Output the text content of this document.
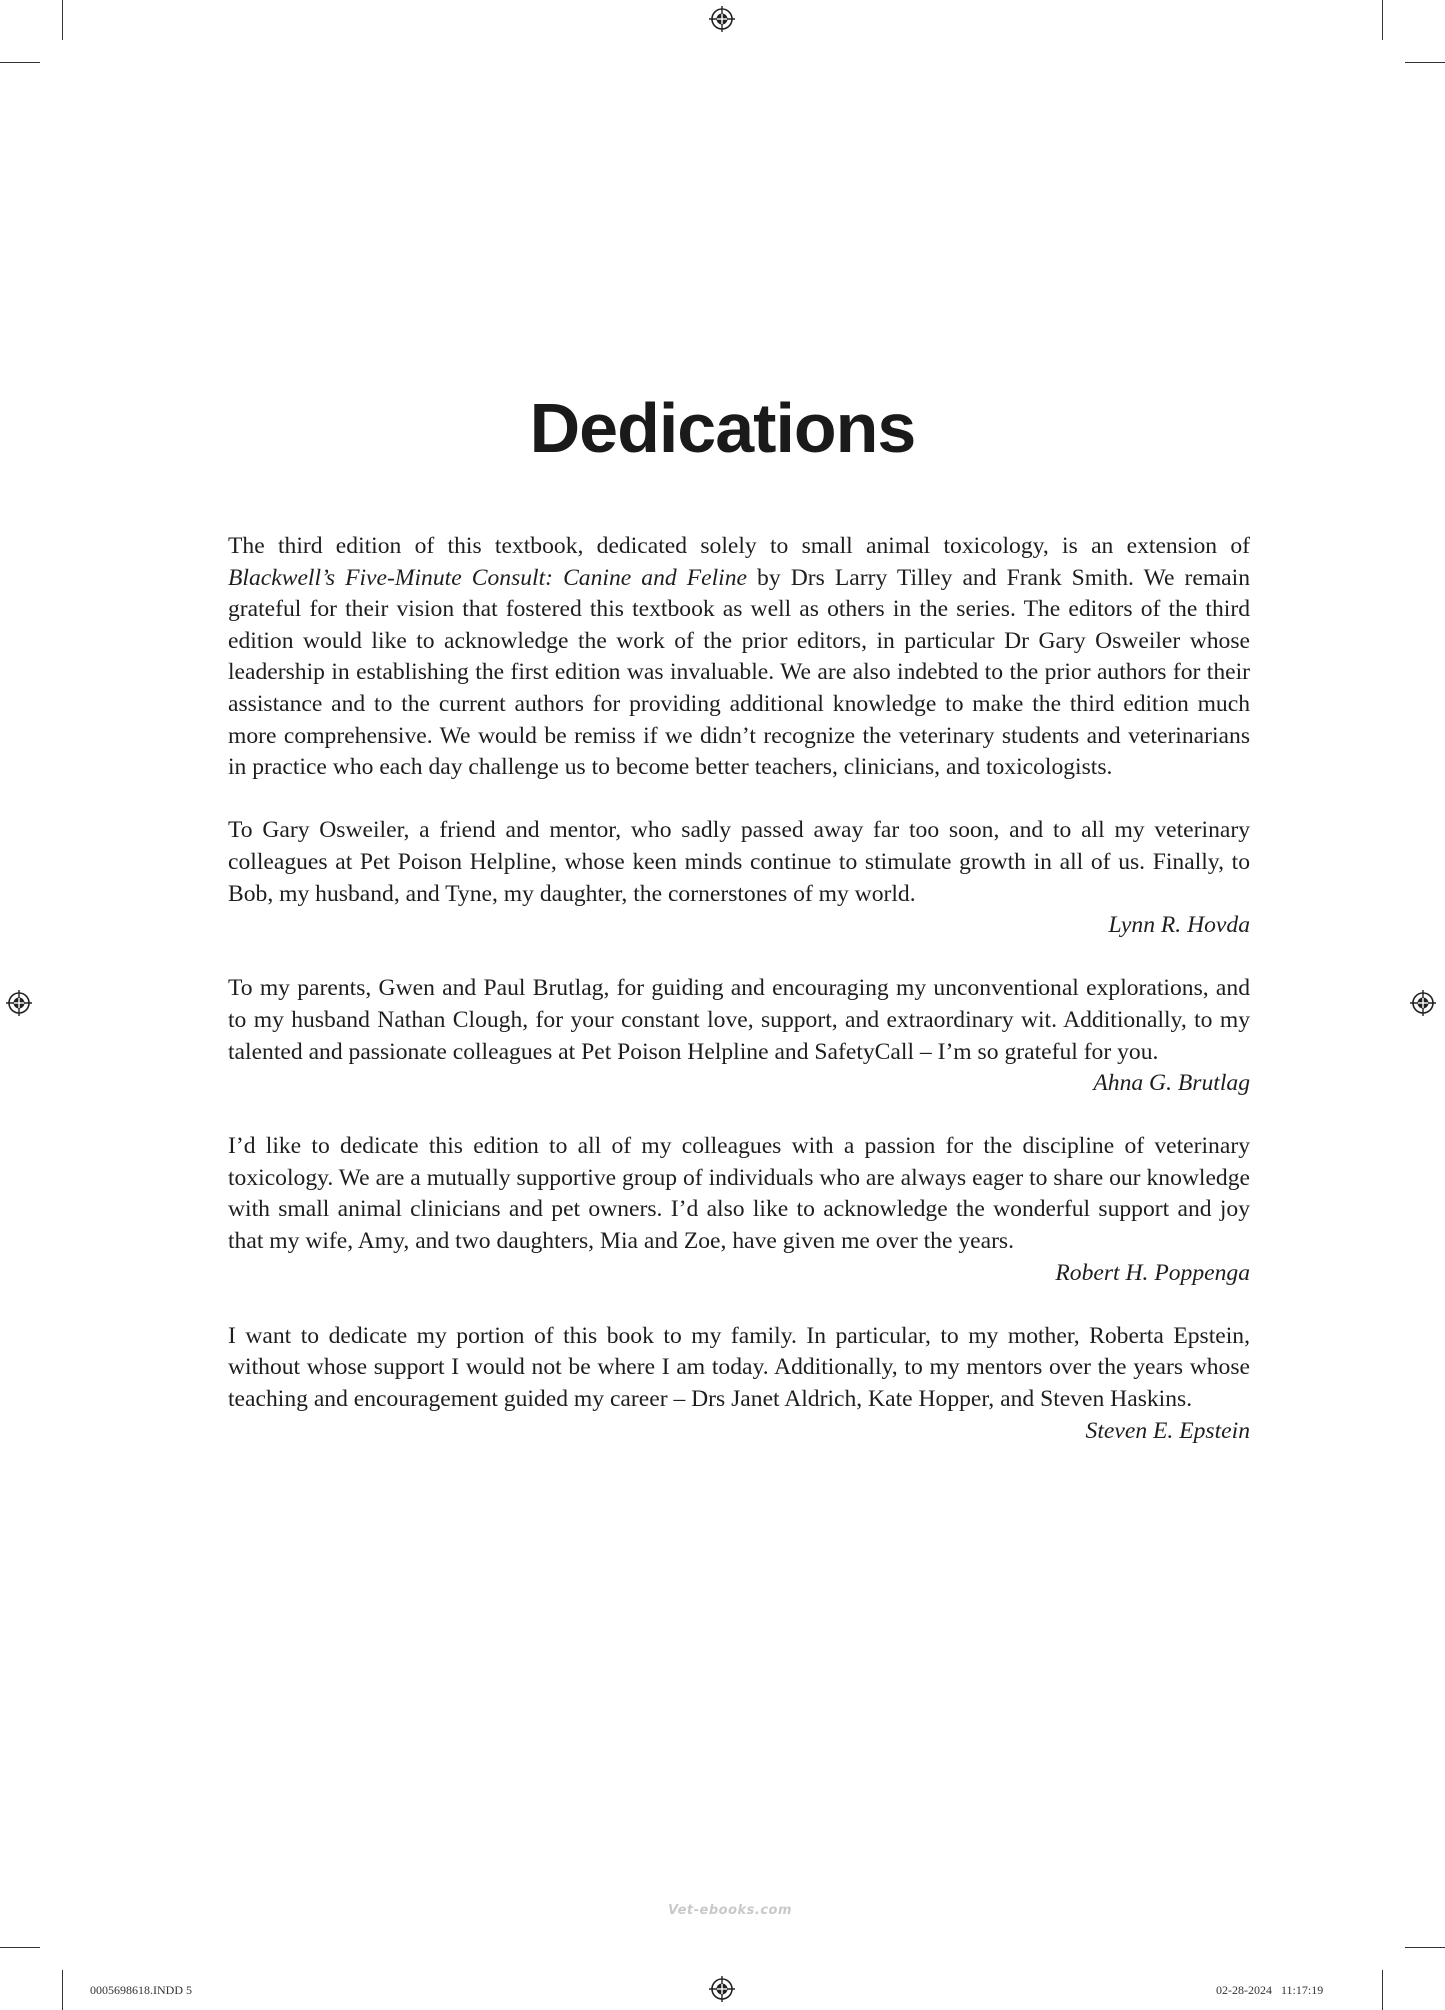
Dedications

The third edition of this textbook, dedicated solely to small animal toxicology, is an extension of Blackwell’s Five-Minute Consult: Canine and Feline by Drs Larry Tilley and Frank Smith. We remain grateful for their vision that fostered this textbook as well as others in the series. The editors of the third edition would like to acknowledge the work of the prior editors, in particular Dr Gary Osweiler whose leadership in establishing the first edition was invaluable. We are also indebted to the prior authors for their assistance and to the current authors for providing additional knowledge to make the third edition much more comprehensive. We would be remiss if we didn’t recognize the veterinary students and veterinarians in practice who each day challenge us to become better teachers, clinicians, and toxicologists.

To Gary Osweiler, a friend and mentor, who sadly passed away far too soon, and to all my veterinary colleagues at Pet Poison Helpline, whose keen minds continue to stimulate growth in all of us. Finally, to Bob, my husband, and Tyne, my daughter, the cornerstones of my world.

Lynn R. Hovda

To my parents, Gwen and Paul Brutlag, for guiding and encouraging my unconventional explorations, and to my husband Nathan Clough, for your constant love, support, and extraordinary wit. Additionally, to my talented and passionate colleagues at Pet Poison Helpline and SafetyCall – I’m so grateful for you.

Ahna G. Brutlag

I’d like to dedicate this edition to all of my colleagues with a passion for the discipline of veterinary toxicology. We are a mutually supportive group of individuals who are always eager to share our knowledge with small animal clinicians and pet owners. I’d also like to acknowledge the wonderful support and joy that my wife, Amy, and two daughters, Mia and Zoe, have given me over the years.

Robert H. Poppenga

I want to dedicate my portion of this book to my family. In particular, to my mother, Roberta Epstein, without whose support I would not be where I am today. Additionally, to my mentors over the years whose teaching and encouragement guided my career – Drs Janet Aldrich, Kate Hopper, and Steven Haskins.

Steven E. Epstein

Vet-ebooks.com
0005698618.INDD 5	02-28-2024   11:17:19
